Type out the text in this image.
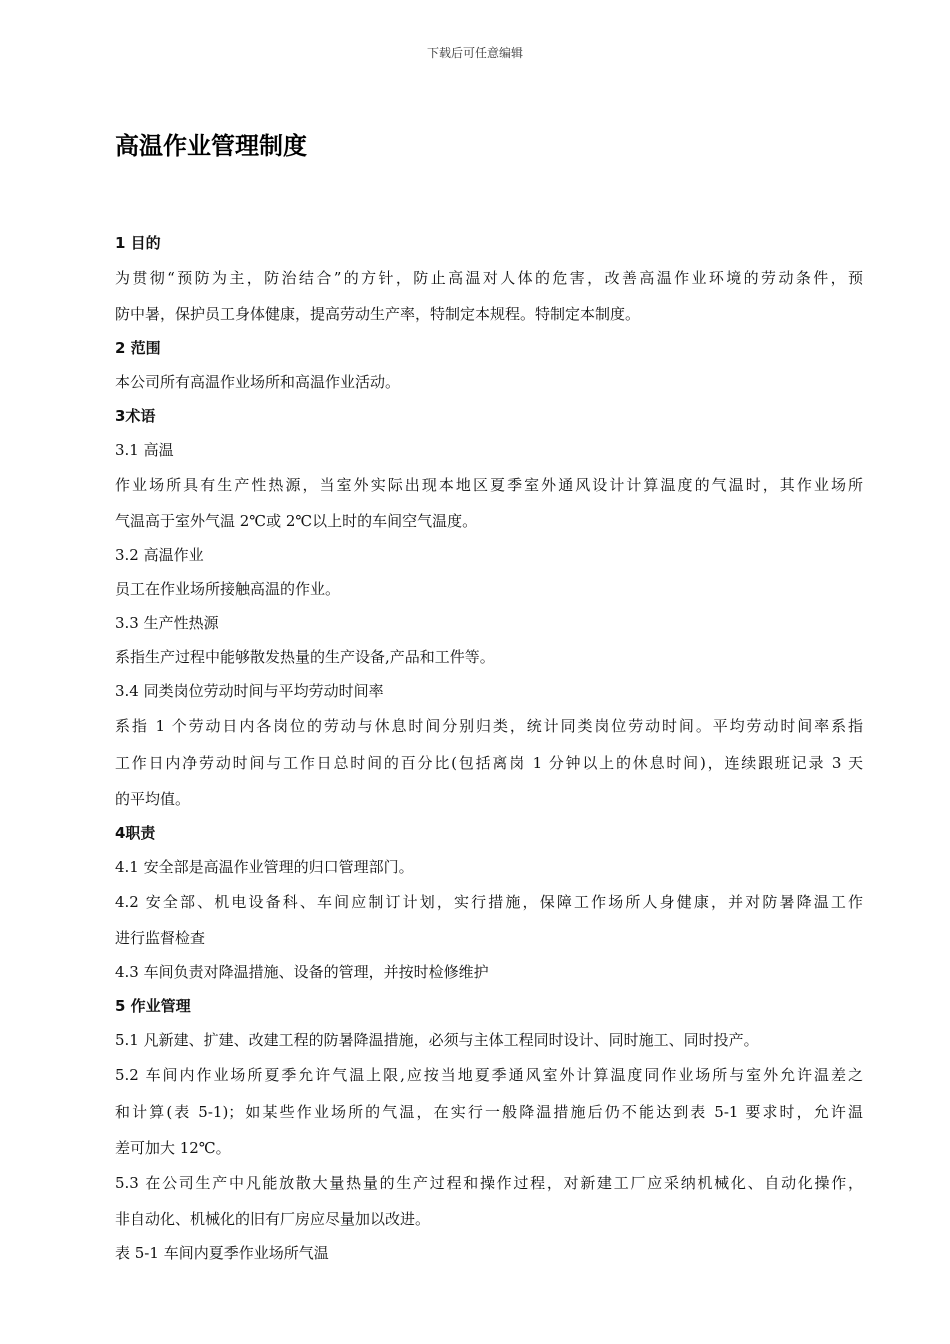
下载后可任意编辑
高温作业管理制度
1 目的
为贯彻“预防为主，防治结合”的方针，防止高温对人体的危害，改善高温作业环境的劳动条件，预
防中暑，保护员工身体健康，提高劳动生产率，特制定本规程。特制定本制度。
2 范围
本公司所有高温作业场所和高温作业活动。
3术语
3.1 高温
作业场所具有生产性热源，当室外实际出现本地区夏季室外通风设计计算温度的气温时，其作业场所
气温高于室外气温 2℃或 2℃以上时的车间空气温度。
3.2 高温作业
员工在作业场所接触高温的作业。
3.3 生产性热源
系指生产过程中能够散发热量的生产设备,产品和工件等。
3.4 同类岗位劳动时间与平均劳动时间率
系指 1 个劳动日内各岗位的劳动与休息时间分别归类，统计同类岗位劳动时间。平均劳动时间率系指
工作日内净劳动时间与工作日总时间的百分比(包括离岗 1 分钟以上的休息时间)，连续跟班记录 3 天
的平均值。
4职责
4.1 安全部是高温作业管理的归口管理部门。
4.2 安全部、机电设备科、车间应制订计划，实行措施，保障工作场所人身健康，并对防暑降温工作
进行监督检查
4.3 车间负责对降温措施、设备的管理，并按时检修维护
5 作业管理
5.1 凡新建、扩建、改建工程的防暑降温措施，必须与主体工程同时设计、同时施工、同时投产。
5.2 车间内作业场所夏季允许气温上限,应按当地夏季通风室外计算温度同作业场所与室外允许温差之
和计算(表 5-1)；如某些作业场所的气温，在实行一般降温措施后仍不能达到表 5-1 要求时，允许温
差可加大 12℃。
5.3 在公司生产中凡能放散大量热量的生产过程和操作过程，对新建工厂应采纳机械化、自动化操作，
非自动化、机械化的旧有厂房应尽量加以改进。
表 5-1 车间内夏季作业场所气温
